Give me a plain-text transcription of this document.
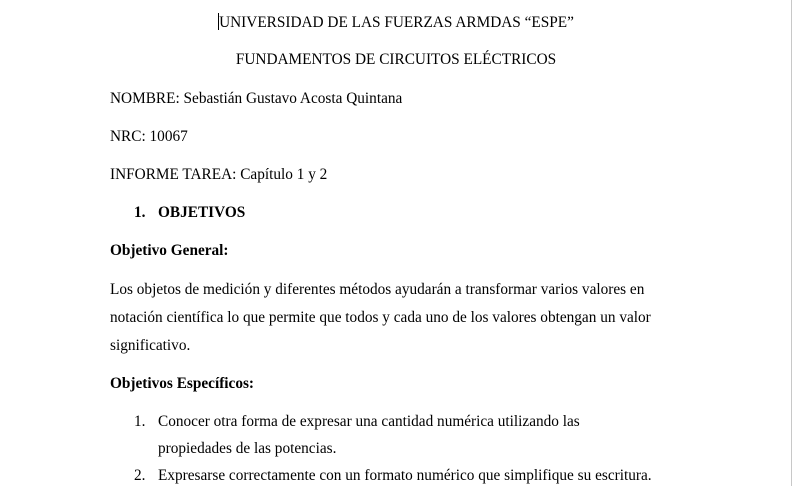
UNIVERSIDAD DE LAS FUERZAS ARMDAS “ESPE”
FUNDAMENTOS DE CIRCUITOS ELÉCTRICOS
NOMBRE: Sebastián Gustavo Acosta Quintana
NRC: 10067
INFORME TAREA: Capítulo 1 y 2
1. OBJETIVOS
Objetivo General:
Los objetos de medición y diferentes métodos ayudarán a transformar varios valores en
notación científica lo que permite que todos y cada uno de los valores obtengan un valor
significativo.
Objetivos Específicos:
1. Conocer otra forma de expresar una cantidad numérica utilizando las
propiedades de las potencias.
2. Expresarse correctamente con un formato numérico que simplifique su escritura.
